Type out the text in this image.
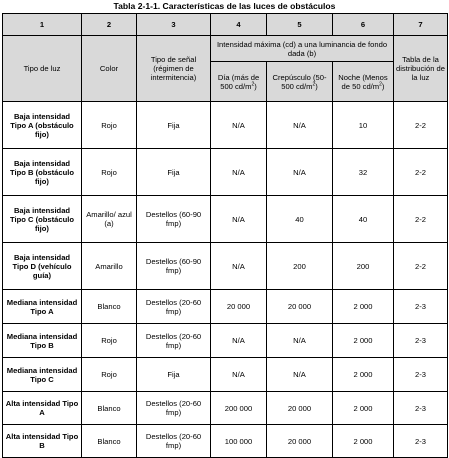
Tabla 2-1-1. Características de las luces de obstáculos
1	2	3	4	5	6	7
Tipo de luz	Color	Tipo de señal (régimen de intermitencia)	Intensidad máxima (cd) a una luminancia de fondo dada (b)			Tabla de la distribución de la luz
			Día (más de 500 $cd/m^2$)	Crepúsculo (50-500 $cd/m^2$)	Noche (Menos de 50 $cd/m^2$)	
Baja intensidad Tipo A (obstáculo fijo)	Rojo	Fija	N/A	N/A	10	2-2
Baja intensidad Tipo B (obstáculo fijo)	Rojo	Fija	N/A	N/A	32	2-2
Baja intensidad Tipo C (obstáculo fijo)	Amarillo/ azul (a)	Destellos (60-90 fmp)	N/A	40	40	2-2
Baja intensidad Tipo D (vehículo guía)	Amarillo	Destellos (60-90 fmp)	N/A	200	200	2-2
Mediana intensidad Tipo A	Blanco	Destellos (20-60 fmp)	20 000	20 000	2 000	2-3
Mediana intensidad Tipo B	Rojo	Destellos (20-60 fmp)	N/A	N/A	2 000	2-3
Mediana intensidad Tipo C	Rojo	Fija	N/A	N/A	2 000	2-3
Alta intensidad Tipo A	Blanco	Destellos (20-60 fmp)	200 000	20 000	2 000	2-3
Alta intensidad Tipo B	Blanco	Destellos (20-60 fmp)	100 000	20 000	2 000	2-3
